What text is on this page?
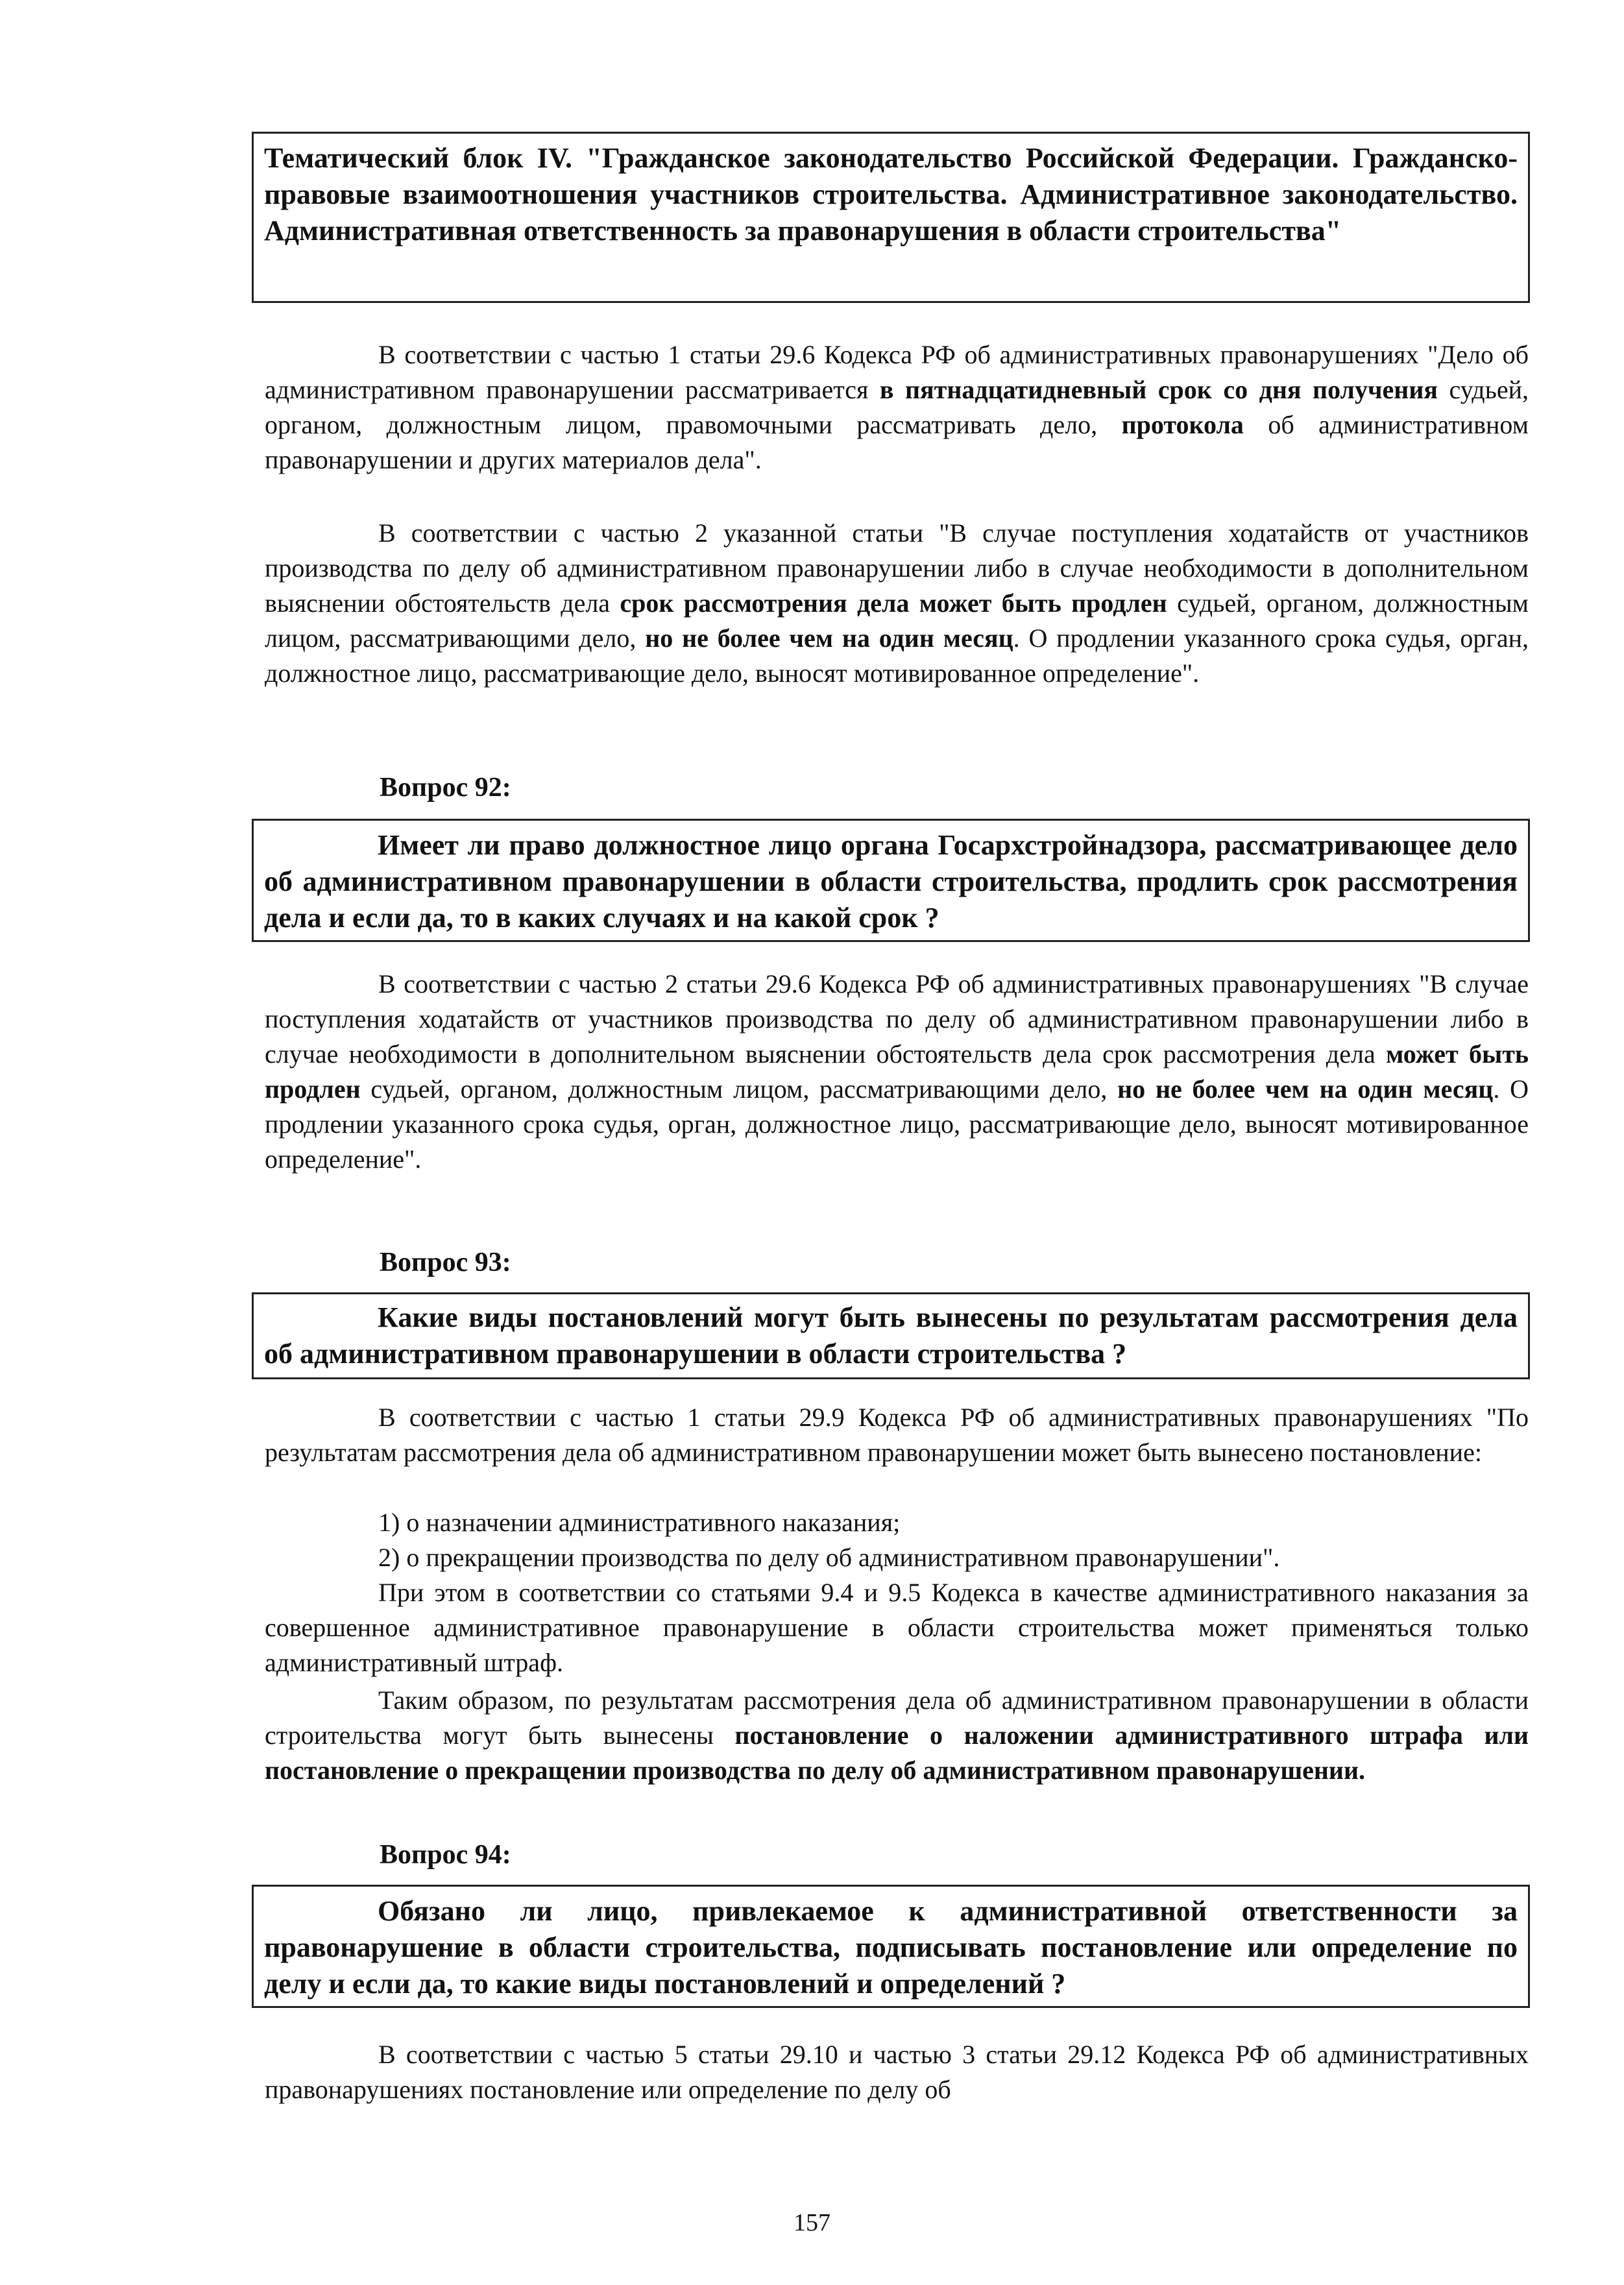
Тематический блок IV. "Гражданское законодательство Российской Федерации. Гражданско-правовые взаимоотношения участников строительства. Административное законодательство. Административная ответственность за правонарушения в области строительства"

В соответствии с частью 1 статьи 29.6 Кодекса РФ об административных правонарушениях "Дело об административном правонарушении рассматривается в пятнадцатидневный срок со дня получения судьей, органом, должностным лицом, правомочными рассматривать дело, протокола об административном правонарушении и других материалов дела".

В соответствии с частью 2 указанной статьи "В случае поступления ходатайств от участников производства по делу об административном правонарушении либо в случае необходимости в дополнительном выяснении обстоятельств дела срок рассмотрения дела может быть продлен судьей, органом, должностным лицом, рассматривающими дело, но не более чем на один месяц. О продлении указанного срока судья, орган, должностное лицо, рассматривающие дело, выносят мотивированное определение".

Вопрос 92:
Имеет ли право должностное лицо органа Госархстройнадзора, рассматривающее дело об административном правонарушении в области строительства, продлить срок рассмотрения дела и если да, то в каких случаях и на какой срок ?

В соответствии с частью 2 статьи 29.6 Кодекса РФ об административных правонарушениях "В случае поступления ходатайств от участников производства по делу об административном правонарушении либо в случае необходимости в дополнительном выяснении обстоятельств дела срок рассмотрения дела может быть продлен судьей, органом, должностным лицом, рассматривающими дело, но не более чем на один месяц. О продлении указанного срока судья, орган, должностное лицо, рассматривающие дело, выносят мотивированное определение".

Вопрос 93:
Какие виды постановлений могут быть вынесены по результатам рассмотрения дела об административном правонарушении в области строительства ?

В соответствии с частью 1 статьи 29.9 Кодекса РФ об административных правонарушениях "По результатам рассмотрения дела об административном правонарушении может быть вынесено постановление:

1) о назначении административного наказания;
2) о прекращении производства по делу об административном правонарушении".

При этом в соответствии со статьями 9.4 и 9.5 Кодекса в качестве административного наказания за совершенное административное правонарушение в области строительства может применяться только административный штраф.

Таким образом, по результатам рассмотрения дела об административном правонарушении в области строительства могут быть вынесены постановление о наложении административного штрафа или постановление о прекращении производства по делу об административном правонарушении.

Вопрос 94:
Обязано ли лицо, привлекаемое к административной ответственности за правонарушение в области строительства, подписывать постановление или определение по делу и если да, то какие виды постановлений и определений ?

В соответствии с частью 5 статьи 29.10 и частью 3 статьи 29.12 Кодекса РФ об административных правонарушениях постановление или определение по делу об

157
